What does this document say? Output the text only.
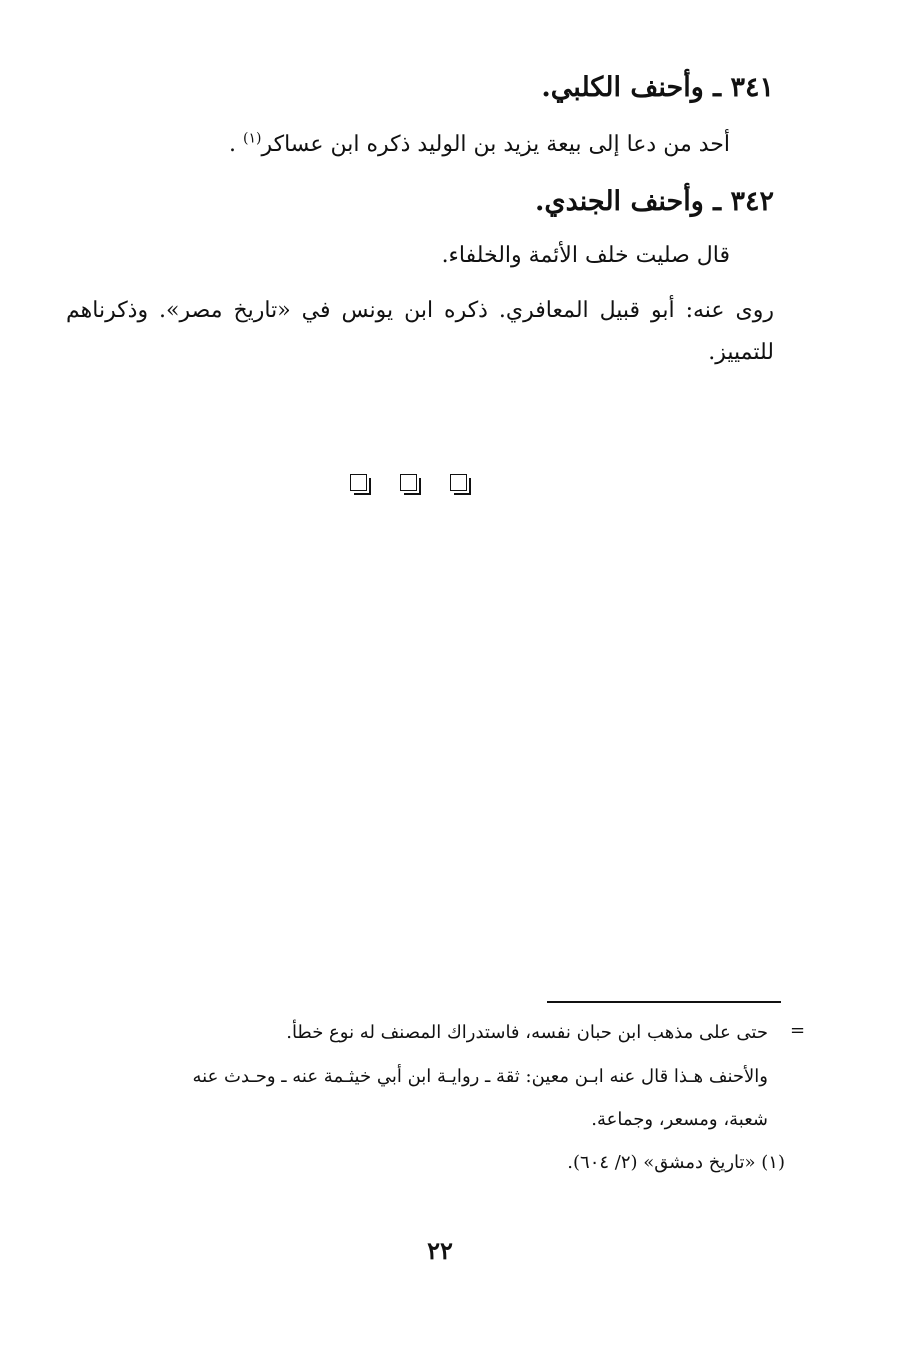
٣٤١ ـ وأحنف الكلبي.
أحد من دعا إلى بيعة يزيد بن الوليد ذكره ابن عساكر$^{(١)}$ .
٣٤٢ ـ وأحنف الجندي.
قال صليت خلف الأئمة والخلفاء.
روى عنه: أبو قبيل المعافري. ذكره ابن يونس في «تاريخ مصر». وذكرناهم للتمييز.
=
حتى على مذهب ابن حبان نفسه، فاستدراك المصنف له نوع خطأ.
والأحنف هـذا قال عنه ابـن معين: ثقة ـ روايـة ابن أبي خيثـمة عنه ـ وحـدث عنه
شعبة، ومسعر، وجماعة.
(١) «تاريخ دمشق» (٢/ ٦٠٤).
٢٢
